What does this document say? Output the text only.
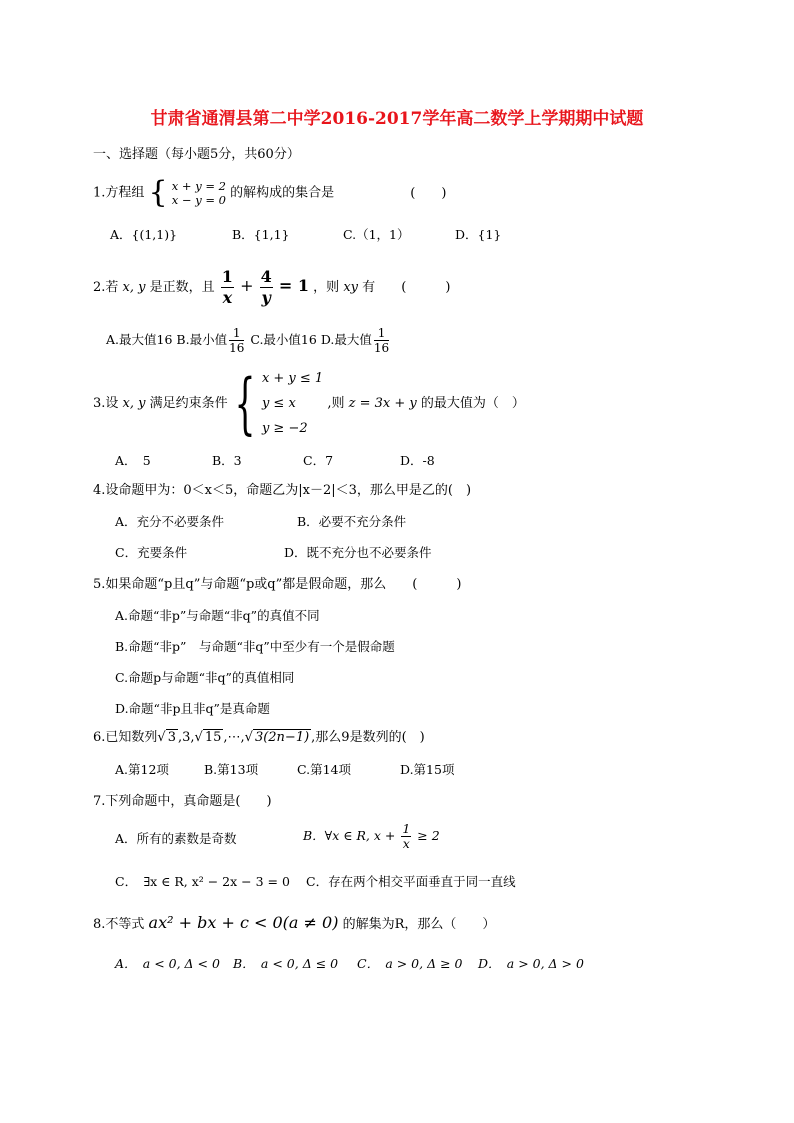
甘肃省通渭县第二中学2016-2017学年高二数学上学期期中试题
一、选择题（每小题5分，共60分）
1.方程组 { x + y = 2
x − y = 0 的解构成的集合是	(　　)
A．{(1,1)}	B．{1,1}	C.（1，1）	D．{1}
2.若 x, y 是正数，且 $\frac{1}{x} + \frac{4}{y} = 1$ ，则 xy 有 (　　　)
A.最大值16 B.最小值 $\frac{1}{16} C$.最小值16 D.最大值 $\frac{1}{16}$
3.设 x, y 满足约束条件 { x + y ≤ 1
y ≤ x
y ≥ −2
,则 z = 3x + y 的最大值为（　）
A．　5	B．3	C．7	D．-8
4.设命题甲为：0＜x＜5，命题乙为|x－2|＜3，那么甲是乙的(　)
A．充分不必要条件	B．必要不充分条件
C．充要条件	D．既不充分也不必要条件
5.如果命题“p且q”与命题“p或q”都是假命题，那么　　(　　　)
A.命题“非p”与命题“非q”的真值不同
B.命题“非p”　与命题“非q”中至少有一个是假命题
C.命题p与命题“非q”的真值相同
D.命题“非p且非q”是真命题
6.已知数列√ 3 ,3,√ 15 ,⋯,√ 3(2n−1) ,那么9是数列的(　)
A.第12项	B.第13项	C.第14项	D.第15项
7.下列命题中，真命题是(　　)
A．所有的素数是奇数	B．∀x ∈ R, $x + \frac{1}{x} \ge 2$
C．　∃x ∈ R, x² − 2x − 3 = 0 C．存在两个相交平面垂直于同一直线
8.不等式 ax² + bx + c < 0(a ≠ 0) 的解集为R，那么（　　）
A．　a < 0, Δ < 0 B．　a < 0, Δ ≤ 0 C．　a > 0, Δ ≥ 0 D．　a > 0, Δ > 0
